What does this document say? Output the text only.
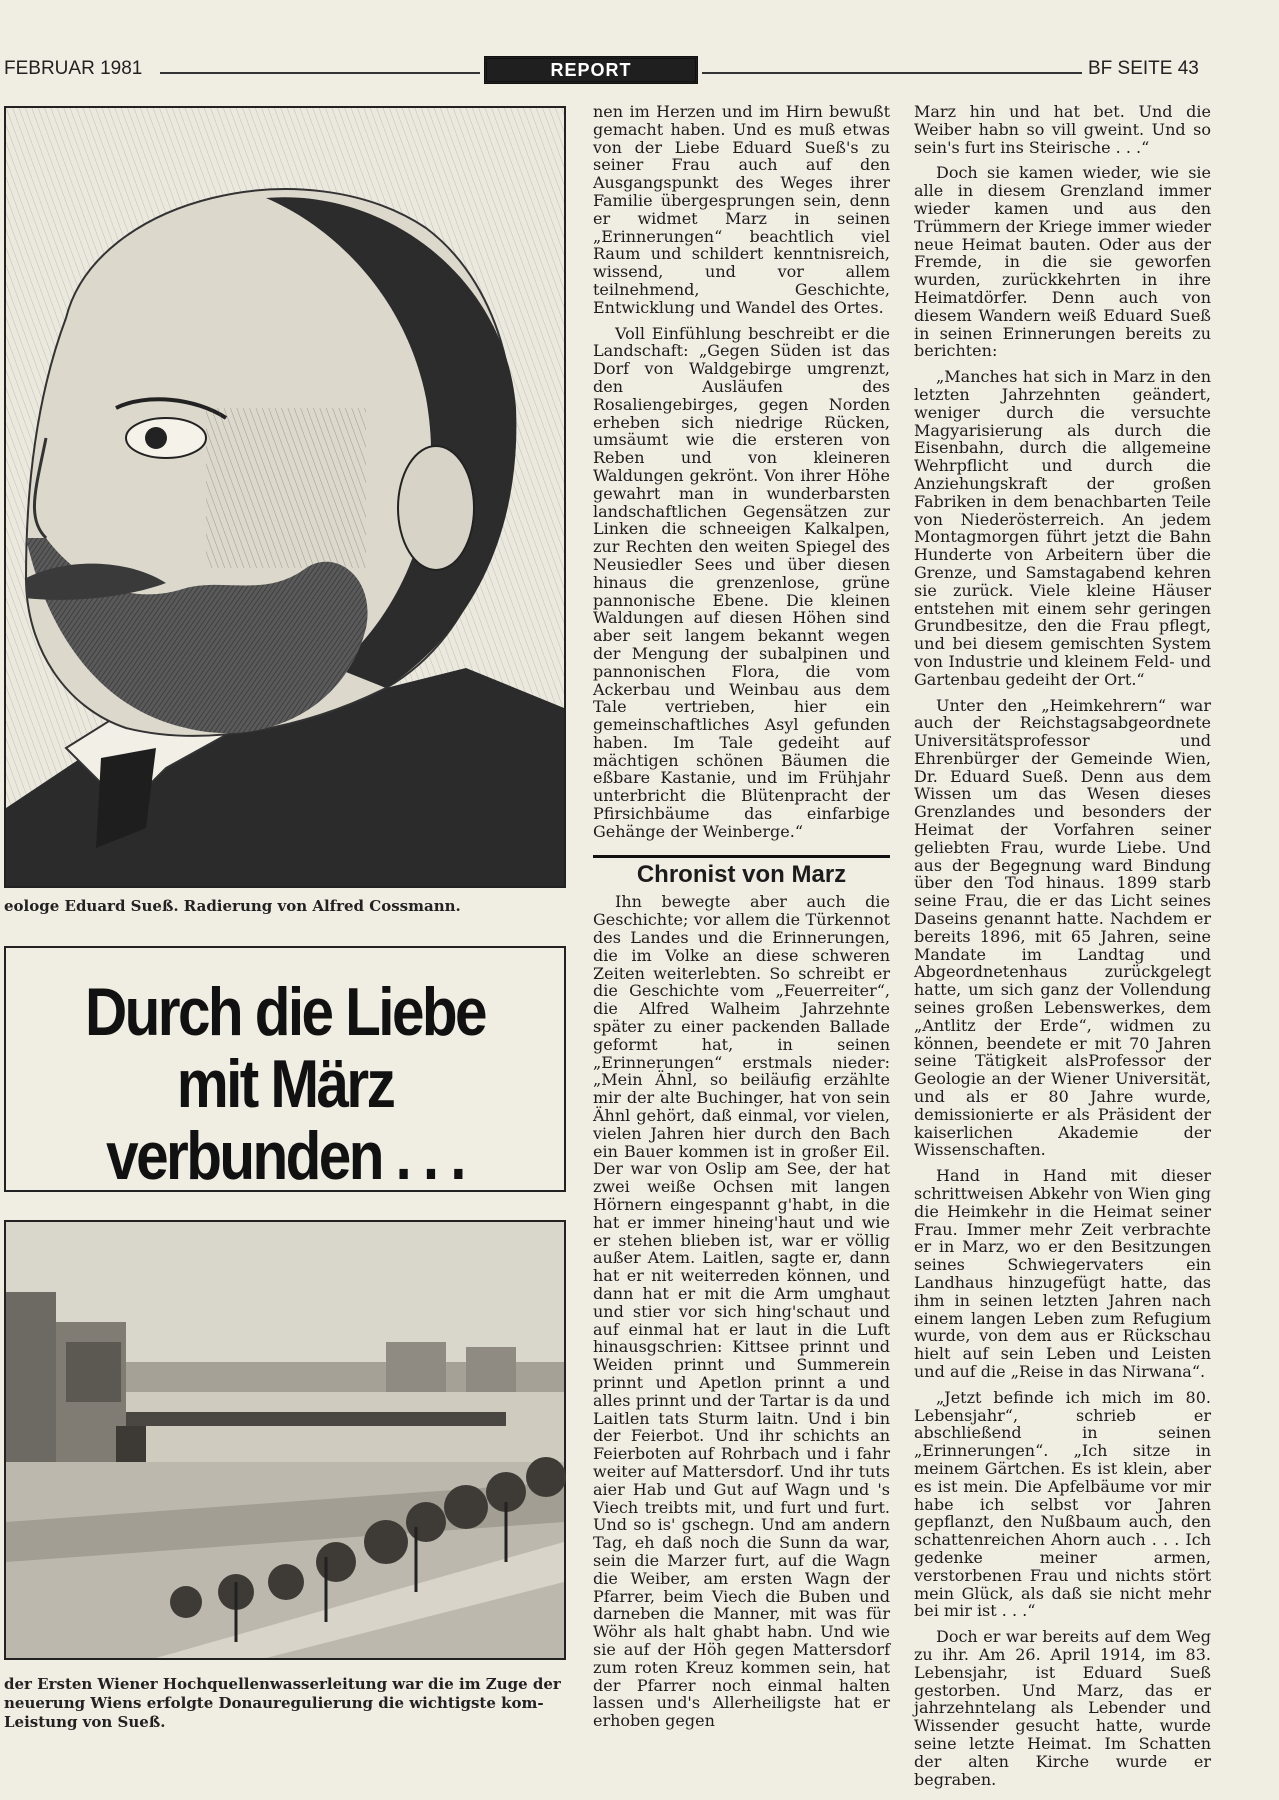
FEBRUAR 1981	REPORT	BF SEITE 43
eologe Eduard Sueß. Radierung von Alfred Cossmann.
Durch die Liebe
mit März
verbunden . . .
der Ersten Wiener Hochquellenwasserleitung war die im Zuge der
neuerung Wiens erfolgte Donauregulierung die wichtigste kom-
Leistung von Sueß.

nen im Herzen und im Hirn bewußt gemacht haben. Und es muß etwas von der Liebe Eduard Sueß's zu seiner Frau auch auf den Ausgangspunkt des Weges ihrer Familie übergesprungen sein, denn er widmet Marz in seinen „Erinnerungen“ beachtlich viel Raum und schildert kenntnisreich, wissend, und vor allem teilnehmend, Geschichte, Entwicklung und Wandel des Ortes.

Voll Einfühlung beschreibt er die Landschaft: „Gegen Süden ist das Dorf von Waldgebirge umgrenzt, den Ausläufen des Rosaliengebirges, gegen Norden erheben sich niedrige Rücken, umsäumt wie die ersteren von Reben und von kleineren Waldungen gekrönt. Von ihrer Höhe gewahrt man in wunderbarsten landschaftlichen Gegensätzen zur Linken die schneeigen Kalkalpen, zur Rechten den weiten Spiegel des Neusiedler Sees und über diesen hinaus die grenzenlose, grüne pannonische Ebene. Die kleinen Waldungen auf diesen Höhen sind aber seit langem bekannt wegen der Mengung der subalpinen und pannonischen Flora, die vom Ackerbau und Weinbau aus dem Tale vertrieben, hier ein gemeinschaftliches Asyl gefunden haben. Im Tale gedeiht auf mächtigen schönen Bäumen die eßbare Kastanie, und im Frühjahr unterbricht die Blütenpracht der Pfirsichbäume das einfarbige Gehänge der Weinberge.“

Chronist von Marz

Ihn bewegte aber auch die Geschichte; vor allem die Türkennot des Landes und die Erinnerungen, die im Volke an diese schweren Zeiten weiterlebten. So schreibt er die Geschichte vom „Feuerreiter“, die Alfred Walheim Jahrzehnte später zu einer packenden Ballade geformt hat, in seinen „Erinnerungen“ erstmals nieder: „Mein Ähnl, so beiläufig erzählte mir der alte Buchinger, hat von sein Ähnl gehört, daß einmal, vor vielen, vielen Jahren hier durch den Bach ein Bauer kommen ist in großer Eil. Der war von Oslip am See, der hat zwei weiße Ochsen mit langen Hörnern eingespannt g'habt, in die hat er immer hineing'haut und wie er stehen blieben ist, war er völlig außer Atem. Laitlen, sagte er, dann hat er nit weiterreden können, und dann hat er mit die Arm umghaut und stier vor sich hing'schaut und auf einmal hat er laut in die Luft hinausgschrien: Kittsee prinnt und Weiden prinnt und Summerein prinnt und Apetlon prinnt a und alles prinnt und der Tartar is da und Laitlen tats Sturm laitn. Und i bin der Feierbot. Und ihr schichts an Feierboten auf Rohrbach und i fahr weiter auf Mattersdorf. Und ihr tuts aier Hab und Gut auf Wagn und 's Viech treibts mit, und furt und furt. Und so is' gschegn. Und am andern Tag, eh daß noch die Sunn da war, sein die Marzer furt, auf die Wagn die Weiber, am ersten Wagn der Pfarrer, beim Viech die Buben und darneben die Manner, mit was für Wöhr als halt ghabt habn. Und wie sie auf der Höh gegen Mattersdorf zum roten Kreuz kommen sein, hat der Pfarrer noch einmal halten lassen und's Allerheiligste hat er erhoben gegen

Marz hin und hat bet. Und die Weiber habn so vill gweint. Und so sein's furt ins Steirische . . .“

Doch sie kamen wieder, wie sie alle in diesem Grenzland immer wieder kamen und aus den Trümmern der Kriege immer wieder neue Heimat bauten. Oder aus der Fremde, in die sie geworfen wurden, zurückkehrten in ihre Heimatdörfer. Denn auch von diesem Wandern weiß Eduard Sueß in seinen Erinnerungen bereits zu berichten:

„Manches hat sich in Marz in den letzten Jahrzehnten geändert, weniger durch die versuchte Magyarisierung als durch die Eisenbahn, durch die allgemeine Wehrpflicht und durch die Anziehungskraft der großen Fabriken in dem benachbarten Teile von Niederösterreich. An jedem Montagmorgen führt jetzt die Bahn Hunderte von Arbeitern über die Grenze, und Samstagabend kehren sie zurück. Viele kleine Häuser entstehen mit einem sehr geringen Grundbesitze, den die Frau pflegt, und bei diesem gemischten System von Industrie und kleinem Feld- und Gartenbau gedeiht der Ort.“

Unter den „Heimkehrern“ war auch der Reichstagsabgeordnete Universitätsprofessor und Ehrenbürger der Gemeinde Wien, Dr. Eduard Sueß. Denn aus dem Wissen um das Wesen dieses Grenzlandes und besonders der Heimat der Vorfahren seiner geliebten Frau, wurde Liebe. Und aus der Begegnung ward Bindung über den Tod hinaus. 1899 starb seine Frau, die er das Licht seines Daseins genannt hatte. Nachdem er bereits 1896, mit 65 Jahren, seine Mandate im Landtag und Abgeordnetenhaus zurückgelegt hatte, um sich ganz der Vollendung seines großen Lebenswerkes, dem „Antlitz der Erde“, widmen zu können, beendete er mit 70 Jahren seine Tätigkeit alsProfessor der Geologie an der Wiener Universität, und als er 80 Jahre wurde, demissionierte er als Präsident der kaiserlichen Akademie der Wissenschaften.

Hand in Hand mit dieser schrittweisen Abkehr von Wien ging die Heimkehr in die Heimat seiner Frau. Immer mehr Zeit verbrachte er in Marz, wo er den Besitzungen seines Schwiegervaters ein Landhaus hinzugefügt hatte, das ihm in seinen letzten Jahren nach einem langen Leben zum Refugium wurde, von dem aus er Rückschau hielt auf sein Leben und Leisten und auf die „Reise in das Nirwana“.

„Jetzt befinde ich mich im 80. Lebensjahr“, schrieb er abschließend in seinen „Erinnerungen“. „Ich sitze in meinem Gärtchen. Es ist klein, aber es ist mein. Die Apfelbäume vor mir habe ich selbst vor Jahren gepflanzt, den Nußbaum auch, den schattenreichen Ahorn auch . . . Ich gedenke meiner armen, verstorbenen Frau und nichts stört mein Glück, als daß sie nicht mehr bei mir ist . . .“

Doch er war bereits auf dem Weg zu ihr. Am 26. April 1914, im 83. Lebensjahr, ist Eduard Sueß gestorben. Und Marz, das er jahrzehntelang als Lebender und Wissender gesucht hatte, wurde seine letzte Heimat. Im Schatten der alten Kirche wurde er begraben.
